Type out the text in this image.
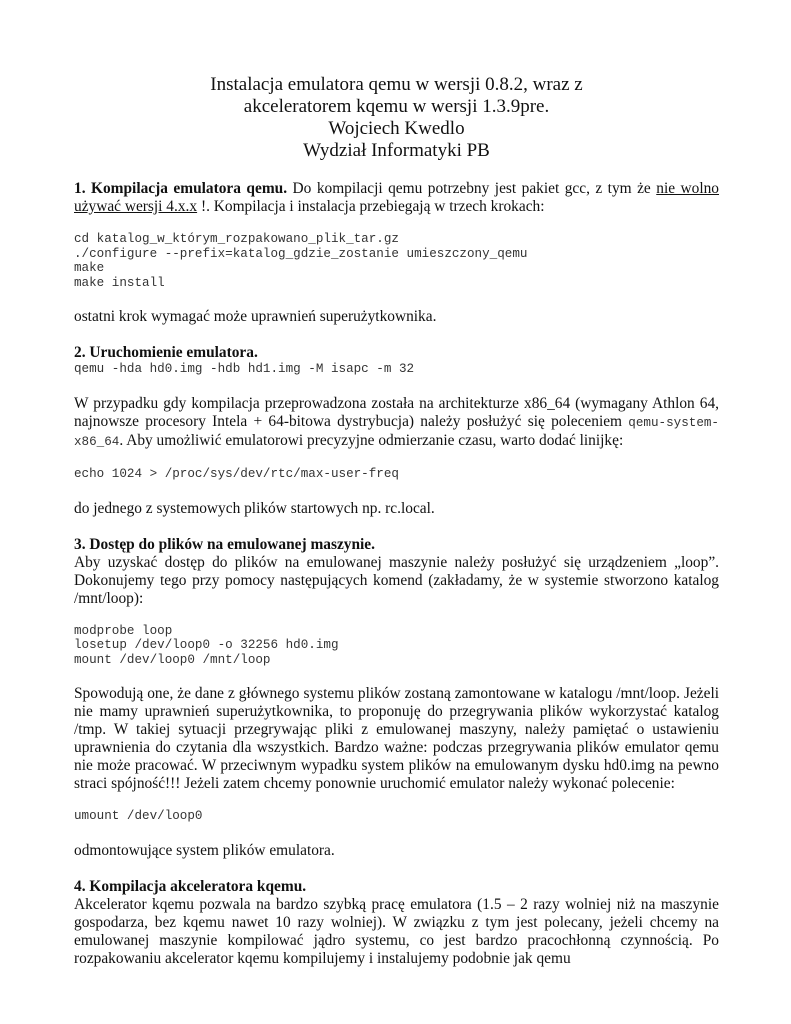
Instalacja emulatora qemu w wersji 0.8.2, wraz z
akceleratorem kqemu w wersji 1.3.9pre.
Wojciech Kwedlo
Wydział Informatyki PB

1. Kompilacja emulatora qemu. Do kompilacji qemu potrzebny jest pakiet gcc, z tym że nie wolno używać wersji 4.x.x !. Kompilacja i instalacja przebiegają w trzech krokach:

cd katalog_w_którym_rozpakowano_plik_tar.gz
./configure --prefix=katalog_gdzie_zostanie umieszczony_qemu
make
make install

ostatni krok wymagać może uprawnień superużytkownika.

2. Uruchomienie emulatora.

qemu -hda hd0.img -hdb hd1.img -M isapc -m 32

W przypadku gdy kompilacja przeprowadzona została na architekturze x86_64 (wymagany Athlon 64, najnowsze procesory Intela + 64-bitowa dystrybucja) należy posłużyć się poleceniem qemu-system-x86_64. Aby umożliwić emulatorowi precyzyjne odmierzanie czasu, warto dodać linijkę:

echo 1024 > /proc/sys/dev/rtc/max-user-freq

do jednego z systemowych plików startowych np. rc.local.

3. Dostęp do plików na emulowanej maszynie.

Aby uzyskać dostęp do plików na emulowanej maszynie należy posłużyć się urządzeniem „loop”. Dokonujemy tego przy pomocy następujących komend (zakładamy, że w systemie stworzono katalog /mnt/loop):

modprobe loop
losetup /dev/loop0 -o 32256 hd0.img
mount /dev/loop0 /mnt/loop

Spowodują one, że dane z głównego systemu plików zostaną zamontowane w katalogu /mnt/loop. Jeżeli nie mamy uprawnień superużytkownika, to proponuję do przegrywania plików wykorzystać katalog /tmp. W takiej sytuacji przegrywając pliki z emulowanej maszyny, należy pamiętać o ustawieniu uprawnienia do czytania dla wszystkich. Bardzo ważne: podczas przegrywania plików emulator qemu nie może pracować. W przeciwnym wypadku system plików na emulowanym dysku hd0.img na pewno straci spójność!!! Jeżeli zatem chcemy ponownie uruchomić emulator należy wykonać polecenie:

umount /dev/loop0

odmontowujące system plików emulatora.

4. Kompilacja akceleratora kqemu.

Akcelerator kqemu pozwala na bardzo szybką pracę emulatora (1.5 – 2 razy wolniej niż na maszynie gospodarza, bez kqemu nawet 10 razy wolniej). W związku z tym jest polecany, jeżeli chcemy na emulowanej maszynie kompilować jądro systemu, co jest bardzo pracochłonną czynnością. Po rozpakowaniu akcelerator kqemu kompilujemy i instalujemy podobnie jak qemu
